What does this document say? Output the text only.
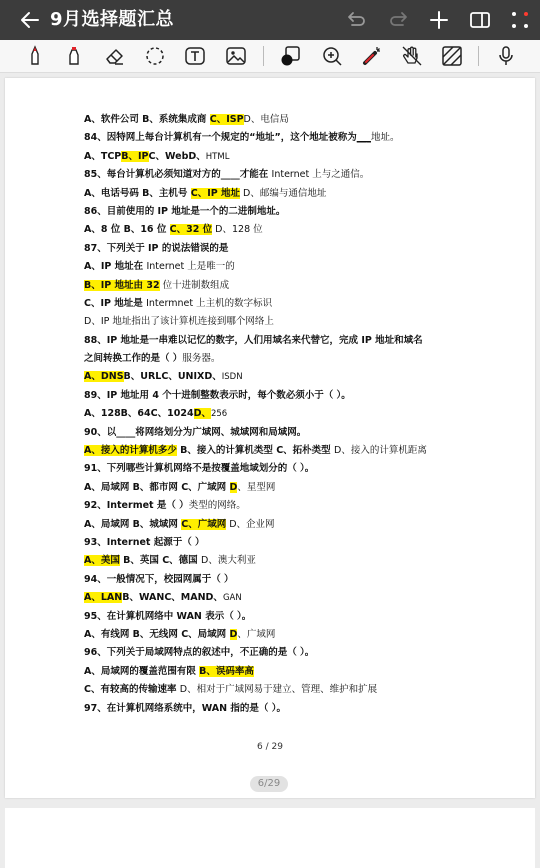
9月选择题汇总
A、软件公司 B、系统集成商 C、ISPD、电信局
84、因特网上每台计算机有一个规定的“地址”，这个地址被称为___地址。
A、TCPB、IPC、WebD、HTML
85、每台计算机必须知道对方的____才能在 Internet 上与之通信。
A、电话号码 B、主机号 C、IP 地址 D、邮编与通信地址
86、目前使用的 IP 地址是一个的二进制地址。
A、8 位 B、16 位 C、32 位 D、128 位
87、下列关于 IP 的说法错误的是
A、IP 地址在 Internet 上是唯一的
B、IP 地址由 32 位十进制数组成
C、IP 地址是 Intermnet 上主机的数字标识
D、IP 地址指出了该计算机连接到哪个网络上
88、IP 地址是一串难以记忆的数字，人们用域名来代替它，完成 IP 地址和域名
之间转换工作的是（ ）服务器。
A、DNSB、URLC、UNIXD、ISDN
89、IP 地址用 4 个十进制整数表示时，每个数必须小于（ ）。
A、128B、64C、1024D、256
90、以____将网络划分为广域网、城域网和局域网。
A、接入的计算机多少 B、接入的计算机类型 C、拓朴类型 D、接入的计算机距离
91、下列哪些计算机网络不是按覆盖地域划分的（ ）。
A、局域网 B、都市网 C、广域网 D、星型网
92、Intermet 是（ ）类型的网络。
A、局域网 B、城域网 C、广域网 D、企业网
93、Internet 起源于（ ）
A、美国 B、英国 C、德国 D、澳大利亚
94、一般情况下，校园网属于（ ）
A、LANB、WANC、MAND、GAN
95、在计算机网络中 WAN 表示（ ）。
A、有线网 B、无线网 C、局域网 D、广域网
96、下列关于局域网特点的叙述中，不正确的是（ ）。
A、局域网的覆盖范围有限 B、误码率高
C、有较高的传输速率 D、相对于广域网易于建立、管理、维护和扩展
97、在计算机网络系统中，WAN 指的是（ ）。
6 / 29
6/29
